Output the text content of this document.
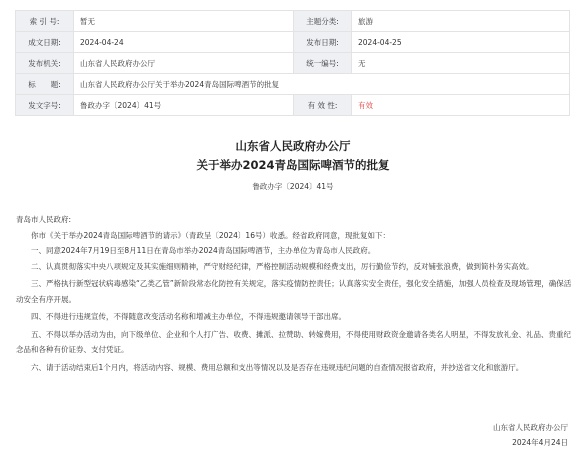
索 引 号:	暂无	主题分类:	旅游
成文日期:	2024-04-24	发布日期:	2024-04-25
发布机关:	山东省人民政府办公厅	统一编号:	无
标　　题:	山东省人民政府办公厅关于举办2024青岛国际啤酒节的批复		
发文字号:	鲁政办字〔2024〕41号	有 效 性:	有效
山东省人民政府办公厅
关于举办2024青岛国际啤酒节的批复
鲁政办字〔2024〕41号

青岛市人民政府:

你市《关于举办2024青岛国际啤酒节的请示》（青政呈〔2024〕16号）收悉。经省政府同意，现批复如下：

一、同意2024年7月19日至8月11日在青岛市举办2024青岛国际啤酒节，主办单位为青岛市人民政府。

二、认真贯彻落实中央八项规定及其实施细则精神，严守财经纪律，严格控制活动规模和经费支出，厉行勤俭节约，反对铺张浪费，做到简朴务实高效。

三、严格执行新型冠状病毒感染“乙类乙管”新阶段常态化防控有关规定，落实疫情防控责任；认真落实安全责任，强化安全措施，加强人员检查及现场管理，确保活动安全有序开展。

四、不得进行违规宣传，不得随意改变活动名称和增减主办单位，不得违规邀请领导干部出席。

五、不得以举办活动为由，向下级单位、企业和个人打广告、收费、摊派、拉赞助、转嫁费用，不得使用财政资金邀请各类名人明星，不得发放礼金、礼品、贵重纪念品和各种有价证券、支付凭证。

六、请于活动结束后1个月内，将活动内容、规模、费用总额和支出等情况以及是否存在违规违纪问题的自查情况报省政府，并抄送省文化和旅游厅。

山东省人民政府办公厅
2024年4月24日
